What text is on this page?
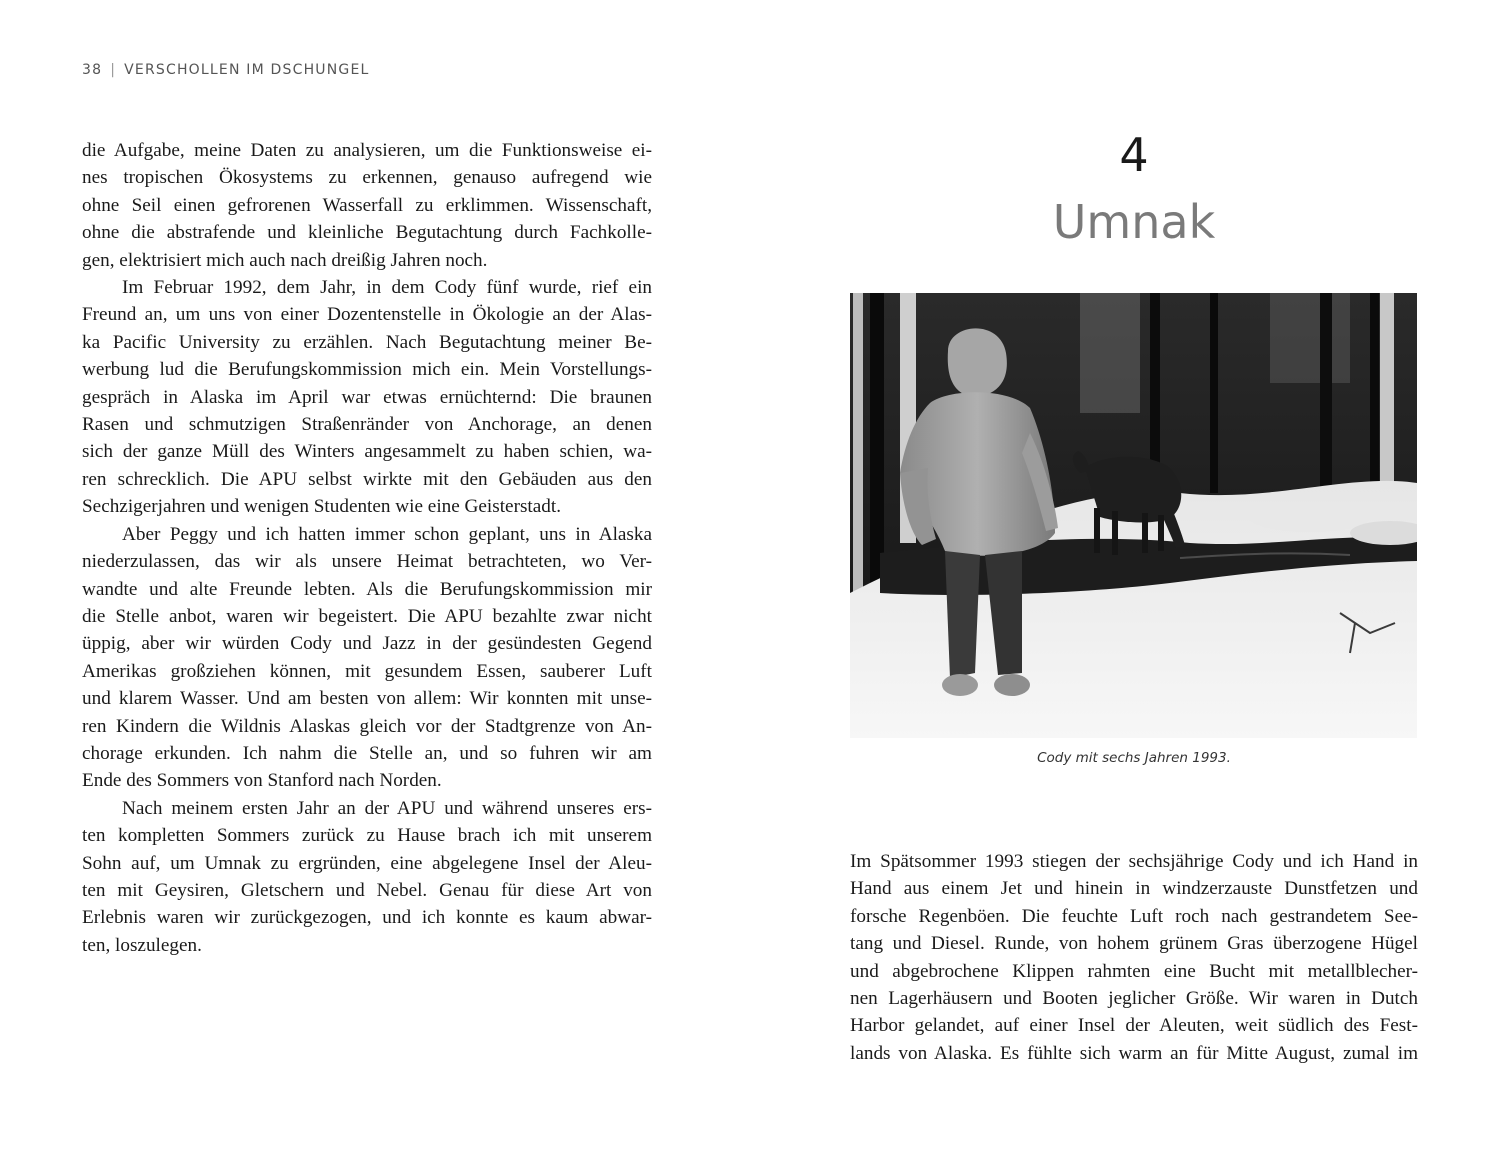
38 | VERSCHOLLEN IM DSCHUNGEL
die Aufgabe, meine Daten zu analysieren, um die Funktionsweise ei-
nes tropischen Ökosystems zu erkennen, genauso aufregend wie
ohne Seil einen gefrorenen Wasserfall zu erklimmen. Wissenschaft,
ohne die abstrafende und kleinliche Begutachtung durch Fachkolle-
gen, elektrisiert mich auch nach dreißig Jahren noch.
Im Februar 1992, dem Jahr, in dem Cody fünf wurde, rief ein
Freund an, um uns von einer Dozentenstelle in Ökologie an der Alas-
ka Pacific University zu erzählen. Nach Begutachtung meiner Be-
werbung lud die Berufungskommission mich ein. Mein Vorstellungs-
gespräch in Alaska im April war etwas ernüchternd: Die braunen
Rasen und schmutzigen Straßenränder von Anchorage, an denen
sich der ganze Müll des Winters angesammelt zu haben schien, wa-
ren schrecklich. Die APU selbst wirkte mit den Gebäuden aus den
Sechzigerjahren und wenigen Studenten wie eine Geisterstadt.
Aber Peggy und ich hatten immer schon geplant, uns in Alaska
niederzulassen, das wir als unsere Heimat betrachteten, wo Ver-
wandte und alte Freunde lebten. Als die Berufungskommission mir
die Stelle anbot, waren wir begeistert. Die APU bezahlte zwar nicht
üppig, aber wir würden Cody und Jazz in der gesündesten Gegend
Amerikas großziehen können, mit gesundem Essen, sauberer Luft
und klarem Wasser. Und am besten von allem: Wir konnten mit unse-
ren Kindern die Wildnis Alaskas gleich vor der Stadtgrenze von An-
chorage erkunden. Ich nahm die Stelle an, und so fuhren wir am
Ende des Sommers von Stanford nach Norden.
Nach meinem ersten Jahr an der APU und während unseres ers-
ten kompletten Sommers zurück zu Hause brach ich mit unserem
Sohn auf, um Umnak zu ergründen, eine abgelegene Insel der Aleu-
ten mit Geysiren, Gletschern und Nebel. Genau für diese Art von
Erlebnis waren wir zurückgezogen, und ich konnte es kaum abwar-
ten, loszulegen.
4
Umnak
Cody mit sechs Jahren 1993.
Im Spätsommer 1993 stiegen der sechsjährige Cody und ich Hand in
Hand aus einem Jet und hinein in windzerzauste Dunstfetzen und
forsche Regenböen. Die feuchte Luft roch nach gestrandetem See-
tang und Diesel. Runde, von hohem grünem Gras überzogene Hügel
und abgebrochene Klippen rahmten eine Bucht mit metallblecher-
nen Lagerhäusern und Booten jeglicher Größe. Wir waren in Dutch
Harbor gelandet, auf einer Insel der Aleuten, weit südlich des Fest-
lands von Alaska. Es fühlte sich warm an für Mitte August, zumal im
